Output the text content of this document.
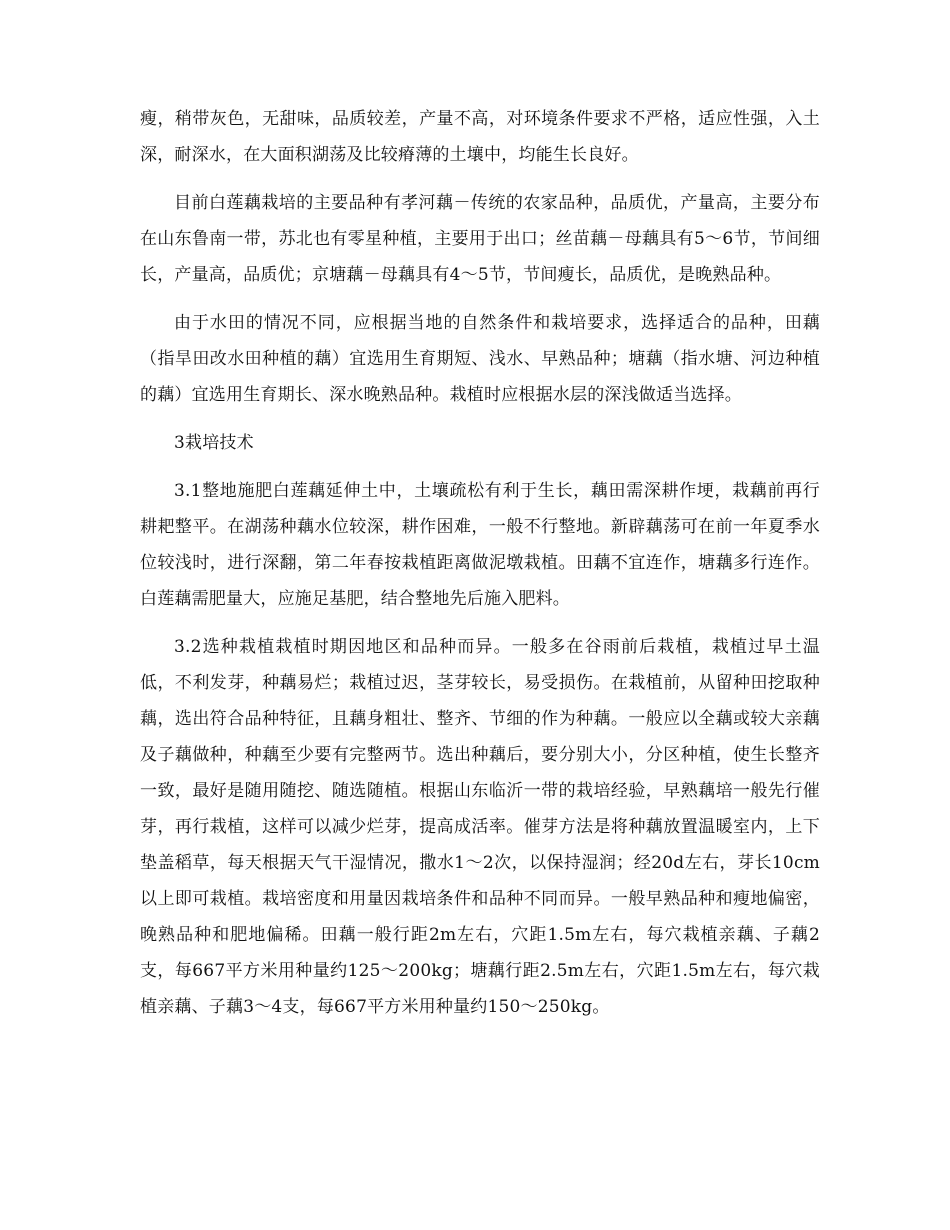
瘦，稍带灰色，无甜味，品质较差，产量不高，对环境条件要求不严格，适应性强，入土深，耐深水，在大面积湖荡及比较瘠薄的土壤中，均能生长良好。

目前白莲藕栽培的主要品种有孝河藕－传统的农家品种，品质优，产量高，主要分布在山东鲁南一带，苏北也有零星种植，主要用于出口；丝苗藕－母藕具有5～6节，节间细长，产量高，品质优；京塘藕－母藕具有4～5节，节间瘦长，品质优，是晚熟品种。

由于水田的情况不同，应根据当地的自然条件和栽培要求，选择适合的品种，田藕（指旱田改水田种植的藕）宜选用生育期短、浅水、早熟品种；塘藕（指水塘、河边种植的藕）宜选用生育期长、深水晚熟品种。栽植时应根据水层的深浅做适当选择。

3栽培技术

3.1整地施肥白莲藕延伸土中，土壤疏松有利于生长，藕田需深耕作埂，栽藕前再行耕耙整平。在湖荡种藕水位较深，耕作困难，一般不行整地。新辟藕荡可在前一年夏季水位较浅时，进行深翻，第二年春按栽植距离做泥墩栽植。田藕不宜连作，塘藕多行连作。白莲藕需肥量大，应施足基肥，结合整地先后施入肥料。

3.2选种栽植栽植时期因地区和品种而异。一般多在谷雨前后栽植，栽植过早土温低，不利发芽，种藕易烂；栽植过迟，茎芽较长，易受损伤。在栽植前，从留种田挖取种藕，选出符合品种特征，且藕身粗壮、整齐、节细的作为种藕。一般应以全藕或较大亲藕及子藕做种，种藕至少要有完整两节。选出种藕后，要分别大小，分区种植，使生长整齐一致，最好是随用随挖、随选随植。根据山东临沂一带的栽培经验，早熟藕培一般先行催芽，再行栽植，这样可以减少烂芽，提高成活率。催芽方法是将种藕放置温暖室内，上下垫盖稻草，每天根据天气干湿情况，撒水1～2次，以保持湿润；经20d左右，芽长10cm以上即可栽植。栽培密度和用量因栽培条件和品种不同而异。一般早熟品种和瘦地偏密，晚熟品种和肥地偏稀。田藕一般行距2m左右，穴距1.5m左右，每穴栽植亲藕、子藕2支，每667平方米用种量约125～200kg；塘藕行距2.5m左右，穴距1.5m左右，每穴栽植亲藕、子藕3～4支，每667平方米用种量约150～250kg。
